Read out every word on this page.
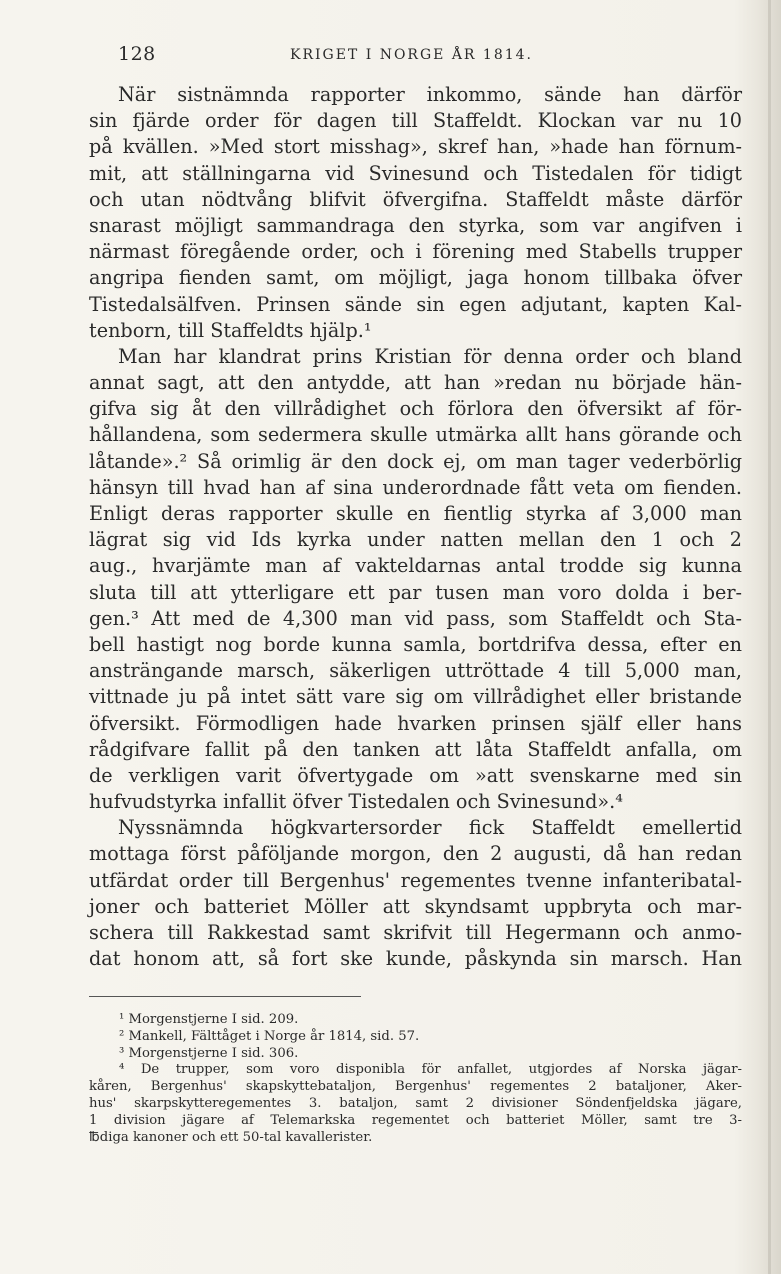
128	KRIGET I NORGE ÅR 1814.
När sistnämnda rapporter inkommo, sände han därför
sin fjärde order för dagen till Staffeldt. Klockan var nu 10
på kvällen. »Med stort misshag», skref han, »hade han förnum-
mit, att ställningarna vid Svinesund och Tistedalen för tidigt
och utan nödtvång blifvit öfvergifna. Staffeldt måste därför
snarast möjligt sammandraga den styrka, som var angifven i
närmast föregående order, och i förening med Stabells trupper
angripa fienden samt, om möjligt, jaga honom tillbaka öfver
Tistedalsälfven. Prinsen sände sin egen adjutant, kapten Kal-
tenborn, till Staffeldts hjälp.¹
Man har klandrat prins Kristian för denna order och bland
annat sagt, att den antydde, att han »redan nu började hän-
gifva sig åt den villrådighet och förlora den öfversikt af för-
hållandena, som sedermera skulle utmärka allt hans görande och
låtande».² Så orimlig är den dock ej, om man tager vederbörlig
hänsyn till hvad han af sina underordnade fått veta om fienden.
Enligt deras rapporter skulle en fientlig styrka af 3,000 man
lägrat sig vid Ids kyrka under natten mellan den 1 och 2
aug., hvarjämte man af vakteldarnas antal trodde sig kunna
sluta till att ytterligare ett par tusen man voro dolda i ber-
gen.³ Att med de 4,300 man vid pass, som Staffeldt och Sta-
bell hastigt nog borde kunna samla, bortdrifva dessa, efter en
ansträngande marsch, säkerligen uttröttade 4 till 5,000 man,
vittnade ju på intet sätt vare sig om villrådighet eller bristande
öfversikt. Förmodligen hade hvarken prinsen själf eller hans
rådgifvare fallit på den tanken att låta Staffeldt anfalla, om
de verkligen varit öfvertygade om »att svenskarne med sin
hufvudstyrka infallit öfver Tistedalen och Svinesund».⁴
Nyssnämnda högkvartersorder fick Staffeldt emellertid
mottaga först påföljande morgon, den 2 augusti, då han redan
utfärdat order till Bergenhus' regementes tvenne infanteribatal-
joner och batteriet Möller att skyndsamt uppbryta och mar-
schera till Rakkestad samt skrifvit till Hegermann och anmo-
dat honom att, så fort ske kunde, påskynda sin marsch. Han
¹ Morgenstjerne I sid. 209.
² Mankell, Fälttåget i Norge år 1814, sid. 57.
³ Morgenstjerne I sid. 306.
⁴ De trupper, som voro disponibla för anfallet, utgjordes af Norska jägar-
kåren, Bergenhus' skapskyttebataljon, Bergenhus' regementes 2 bataljoner, Aker-
hus' skarpskytteregementes 3. bataljon, samt 2 divisioner Söndenfjeldska jägare,
1 division jägare af Telemarkska regementet och batteriet Möller, samt tre 3-
℔diga kanoner och ett 50-tal kavallerister.
